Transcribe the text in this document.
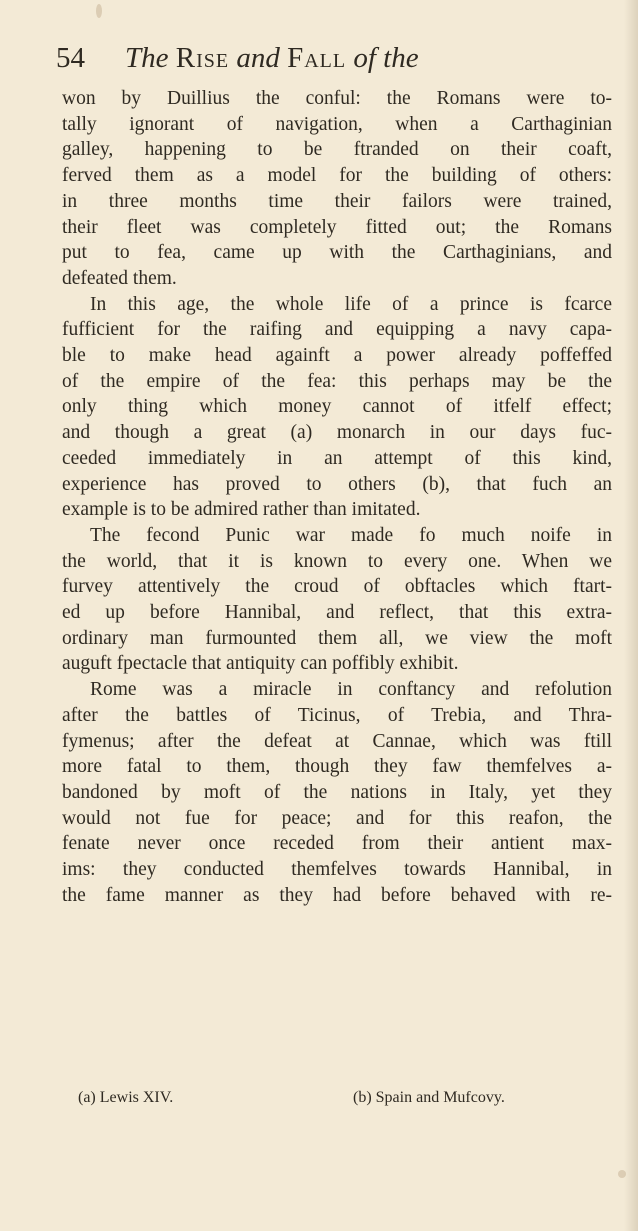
54 The Rise and Fall of the
won by Duillius the conful: the Romans were to-
tally ignorant of navigation, when a Carthaginian
galley, happening to be ftranded on their coaft,
ferved them as a model for the building of others:
in three months time their failors were trained,
their fleet was completely fitted out; the Romans
put to fea, came up with the Carthaginians, and
defeated them.
In this age, the whole life of a prince is fcarce
fufficient for the raifing and equipping a navy capa-
ble to make head againft a power already poffeffed
of the empire of the fea: this perhaps may be the
only thing which money cannot of itfelf effect;
and though a great (a) monarch in our days fuc-
ceeded immediately in an attempt of this kind,
experience has proved to others (b), that fuch an
example is to be admired rather than imitated.
The fecond Punic war made fo much noife in
the world, that it is known to every one. When we
furvey attentively the croud of obftacles which ftart-
ed up before Hannibal, and reflect, that this extra-
ordinary man furmounted them all, we view the moft
auguft fpectacle that antiquity can poffibly exhibit.
Rome was a miracle in conftancy and refolution
after the battles of Ticinus, of Trebia, and Thra-
fymenus; after the defeat at Cannae, which was ftill
more fatal to them, though they faw themfelves a-
bandoned by moft of the nations in Italy, yet they
would not fue for peace; and for this reafon, the
fenate never once receded from their antient max-
ims: they conducted themfelves towards Hannibal, in
the fame manner as they had before behaved with re-
(a) Lewis XIV.	(b) Spain and Mufcovy.
